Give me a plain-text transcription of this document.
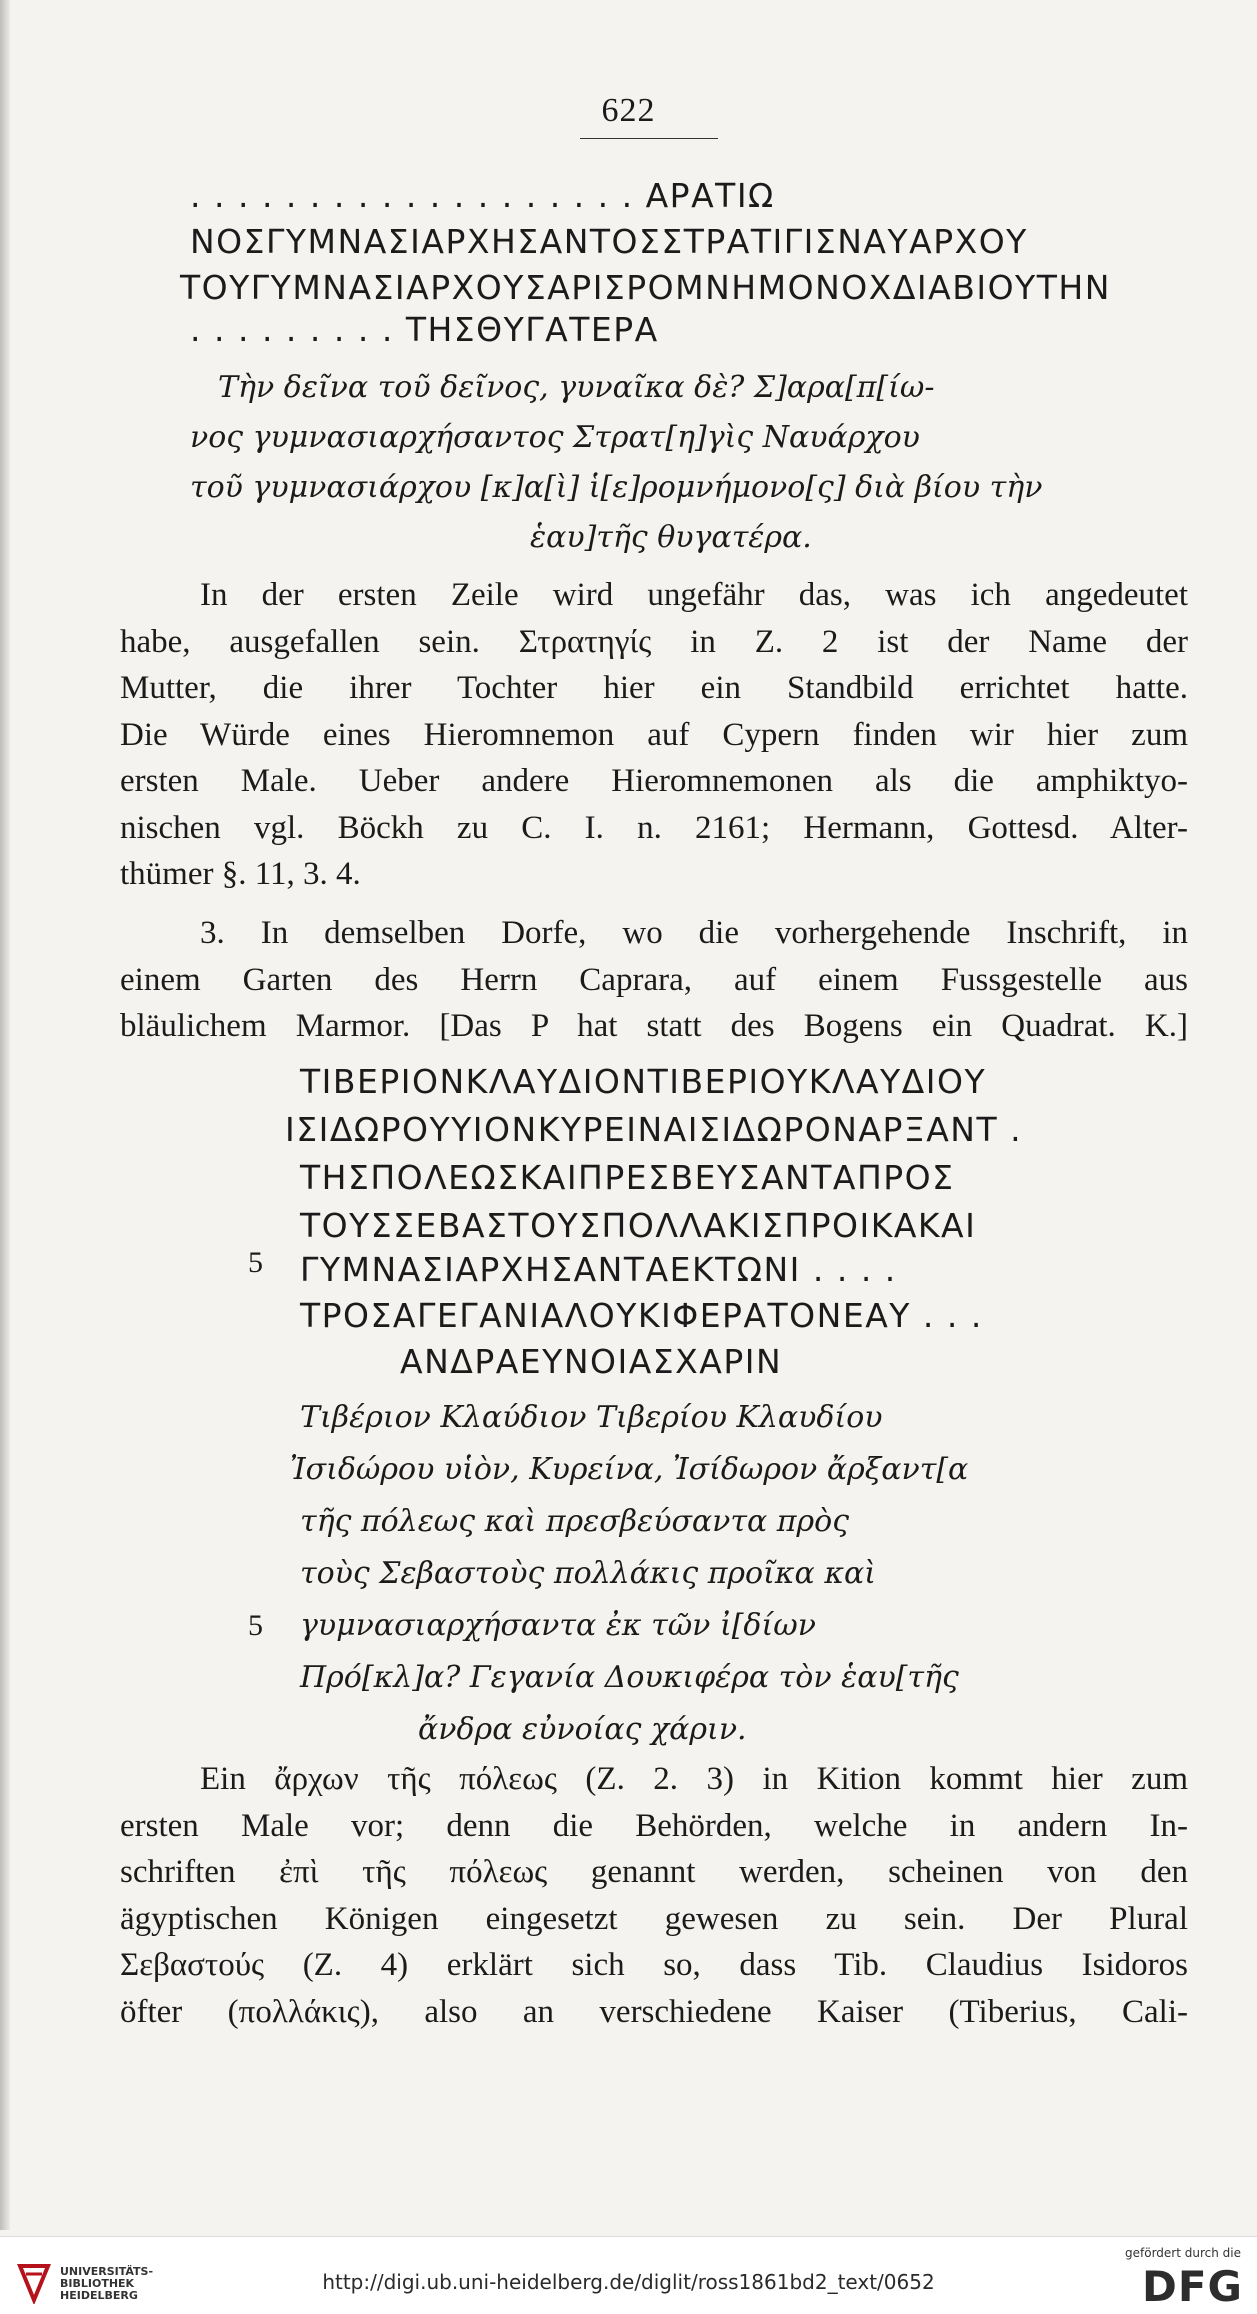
622
. . . . . . . . . . . . . . . . . . . ΑΡΑΤΙΩ
ΝΟΣΓΥΜΝΑΣΙΑΡΧΗΣΑΝΤΟΣΣΤΡΑΤΙΓΙΣΝΑΥΑΡΧΟΥ
ΤΟΥΓΥΜΝΑΣΙΑΡΧΟΥΣΑΡΙΣΡΟΜΝΗΜΟΝΟΧΔΙΑΒΙΟΥΤΗΝ
. . . . . . . . . ΤΗΣΘΥΓΑΤΕΡΑ
Τὴν δεῖνα τοῦ δεῖνος, γυναῖκα δὲ? Σ]αρα[π[ίω-
νος γυμνασιαρχήσαντος Στρατ[η]γὶς Ναυάρχου
τοῦ γυμνασιάρχου [κ]α[ὶ] ἱ[ε]ρομνήμονο[ς] διὰ βίου τὴν
ἑαυ]τῆς θυγατέρα.
In der ersten Zeile wird ungefähr das, was ich angedeutet
habe, ausgefallen sein. Στρατηγίς in Z. 2 ist der Name der
Mutter, die ihrer Tochter hier ein Standbild errichtet hatte.
Die Würde eines Hieromnemon auf Cypern finden wir hier zum
ersten Male. Ueber andere Hieromnemonen als die amphiktyo-
nischen vgl. Böckh zu C. I. n. 2161; Hermann, Gottesd. Alter-
thümer §. 11, 3. 4.
3. In demselben Dorfe, wo die vorhergehende Inschrift, in
einem Garten des Herrn Caprara, auf einem Fussgestelle aus
bläulichem Marmor. [Das P hat statt des Bogens ein Quadrat. K.]
ΤΙΒΕΡΙΟΝΚΛΑΥΔΙΟΝΤΙΒΕΡΙΟΥΚΛΑΥΔΙΟΥ
ΙΣΙΔΩΡΟΥΥΙΟΝΚΥΡΕΙΝΑΙΣΙΔΩΡΟΝΑΡΞΑΝΤ .
ΤΗΣΠΟΛΕΩΣΚΑΙΠΡΕΣΒΕΥΣΑΝΤΑΠΡΟΣ
ΤΟΥΣΣΕΒΑΣΤΟΥΣΠΟΛΛΑΚΙΣΠΡΟΙΚΑΚΑΙ
5 ΓΥΜΝΑΣΙΑΡΧΗΣΑΝΤΑΕΚΤΩΝΙ . . . .
ΤΡΟΣΑΓΕΓΑΝΙΑΛΟΥΚΙΦΕΡΑΤΟΝΕΑΥ . . .
ΑΝΔΡΑΕΥΝΟΙΑΣΧΑΡΙΝ
Τιβέριον Κλαύδιον Τιβερίου Κλαυδίου
Ἰσιδώρου υἱὸν, Κυρείνα, Ἰσίδωρον ἄρξαντ[α
τῆς πόλεως καὶ πρεσβεύσαντα πρὸς
τοὺς Σεβαστοὺς πολλάκις προῖκα καὶ
5 γυμνασιαρχήσαντα ἐκ τῶν ἰ[δίων
Πρό[κλ]α? Γεγανία Δουκιφέρα τὸν ἑαυ[τῆς
ἄνδρα εὐνοίας χάριν.
Ein ἄρχων τῆς πόλεως (Z. 2. 3) in Kition kommt hier zum
ersten Male vor; denn die Behörden, welche in andern In-
schriften ἐπὶ τῆς πόλεως genannt werden, scheinen von den
ägyptischen Königen eingesetzt gewesen zu sein. Der Plural
Σεβαστούς (Z. 4) erklärt sich so, dass Tib. Claudius Isidoros
öfter (πολλάκις), also an verschiedene Kaiser (Tiberius, Cali-
UNIVERSITÄTS-
BIBLIOTHEK
HEIDELBERG
http://digi.ub.uni-heidelberg.de/diglit/ross1861bd2_text/0652
gefördert durch die
DFG
